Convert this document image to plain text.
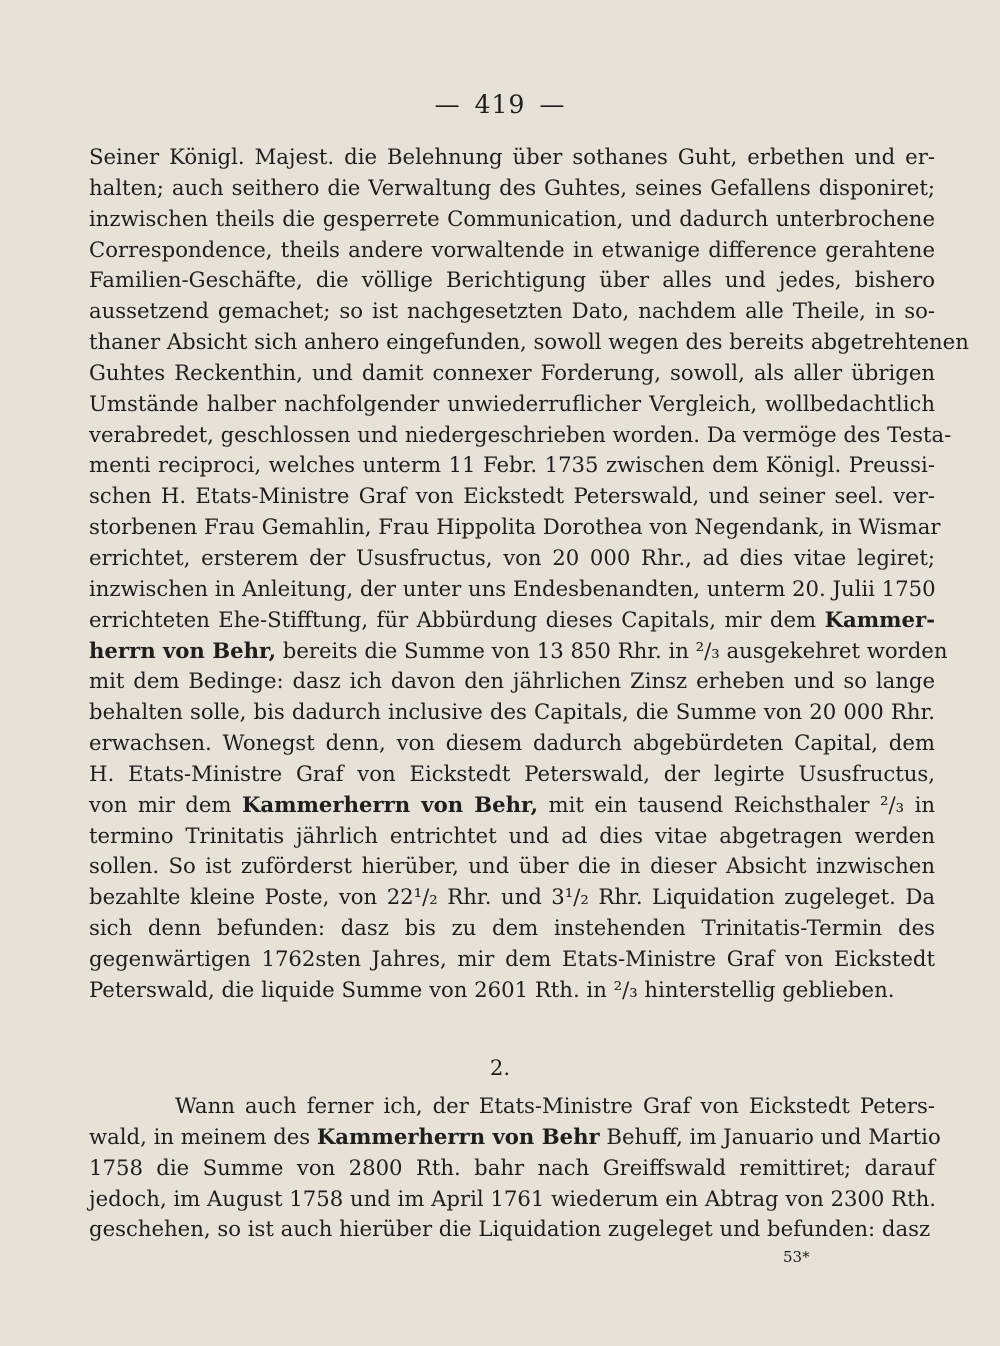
— 419 —
Seiner Königl. Majest. die Belehnung über sothanes Guht, erbethen und er-
halten; auch seithero die Verwaltung des Guhtes, seines Gefallens disponiret;
inzwischen theils die gesperrete Communication, und dadurch unterbrochene
Correspondence, theils andere vorwaltende in etwanige difference gerahtene
Familien-Geschäfte, die völlige Berichtigung über alles und jedes, bishero
aussetzend gemachet; so ist nachgesetzten Dato, nachdem alle Theile, in so-
thaner Absicht sich anhero eingefunden, sowoll wegen des bereits abgetrehtenen
Guhtes Reckenthin, und damit connexer Forderung, sowoll, als aller übrigen
Umstände halber nachfolgender unwiederruflicher Vergleich, wollbedachtlich
verabredet, geschlossen und niedergeschrieben worden. Da vermöge des Testa-
menti reciproci, welches unterm 11 Febr. 1735 zwischen dem Königl. Preussi-
schen H. Etats-Ministre Graf von Eickstedt Peterswald, und seiner seel. ver-
storbenen Frau Gemahlin, Frau Hippolita Dorothea von Negendank, in Wismar
errichtet, ersterem der Ususfructus, von 20 000 Rhr., ad dies vitae legiret;
inzwischen in Anleitung, der unter uns Endesbenandten, unterm 20. Julii 1750
errichteten Ehe-Stifftung, für Abbürdung dieses Capitals, mir dem Kammer-
herrn von Behr, bereits die Summe von 13 850 Rhr. in ²/₃ ausgekehret worden
mit dem Bedinge: dasz ich davon den jährlichen Zinsz erheben und so lange
behalten solle, bis dadurch inclusive des Capitals, die Summe von 20 000 Rhr.
erwachsen. Wonegst denn, von diesem dadurch abgebürdeten Capital, dem
H. Etats-Ministre Graf von Eickstedt Peterswald, der legirte Ususfructus,
von mir dem Kammerherrn von Behr, mit ein tausend Reichsthaler ²/₃ in
termino Trinitatis jährlich entrichtet und ad dies vitae abgetragen werden
sollen. So ist zuförderst hierüber, und über die in dieser Absicht inzwischen
bezahlte kleine Poste, von 22¹/₂ Rhr. und 3¹/₂ Rhr. Liquidation zugeleget. Da
sich denn befunden: dasz bis zu dem instehenden Trinitatis-Termin des
gegenwärtigen 1762sten Jahres, mir dem Etats-Ministre Graf von Eickstedt
Peterswald, die liquide Summe von 2601 Rth. in ²/₃ hinterstellig geblieben.
2.
Wann auch ferner ich, der Etats-Ministre Graf von Eickstedt Peters-
wald, in meinem des Kammerherrn von Behr Behuff, im Januario und Martio
1758 die Summe von 2800 Rth. bahr nach Greiffswald remittiret; darauf
jedoch, im August 1758 und im April 1761 wiederum ein Abtrag von 2300 Rth.
geschehen, so ist auch hierüber die Liquidation zugeleget und befunden: dasz
53*
